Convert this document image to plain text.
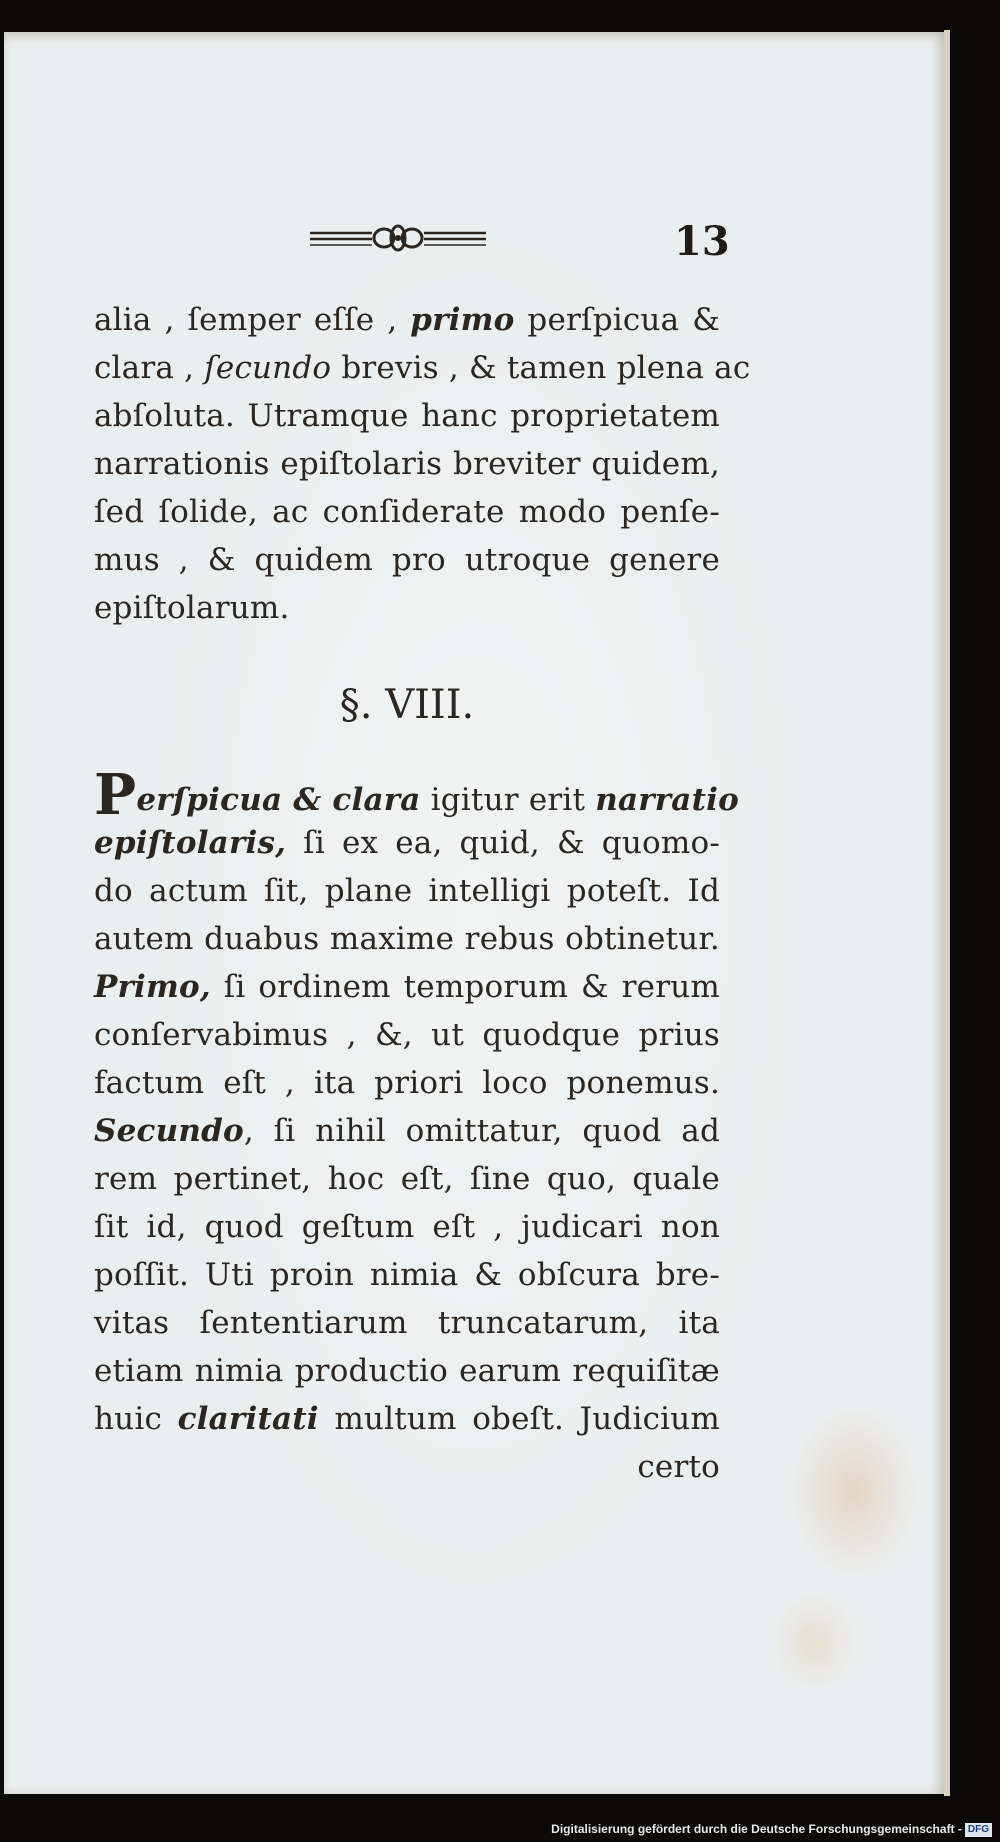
13
alia , ſemper eſſe , primo perſpicua &
clara , ſecundo brevis , & tamen plena ac
abſoluta. Utramque hanc proprietatem
narrationis epiſtolaris breviter quidem,
ſed ſolide, ac conſiderate modo penſe-
mus , & quidem pro utroque genere
epiſtolarum.
§. VIII.
Perſpicua & clara igitur erit narratio
epiſtolaris, ſi ex ea, quid, & quomo-
do actum ſit, plane intelligi poteſt. Id
autem duabus maxime rebus obtinetur.
Primo, ſi ordinem temporum & rerum
conſervabimus , &, ut quodque prius
factum eſt , ita priori loco ponemus.
Secundo, ſi nihil omittatur, quod ad
rem pertinet, hoc eſt, ſine quo, quale
ſit id, quod geſtum eſt , judicari non
poſſit. Uti proin nimia & obſcura bre-
vitas ſententiarum truncatarum, ita
etiam nimia productio earum requiſitæ
huic claritati multum obeſt. Judicium
certo
Digitalisierung gefördert durch die Deutsche Forschungsgemeinschaft - DFG
